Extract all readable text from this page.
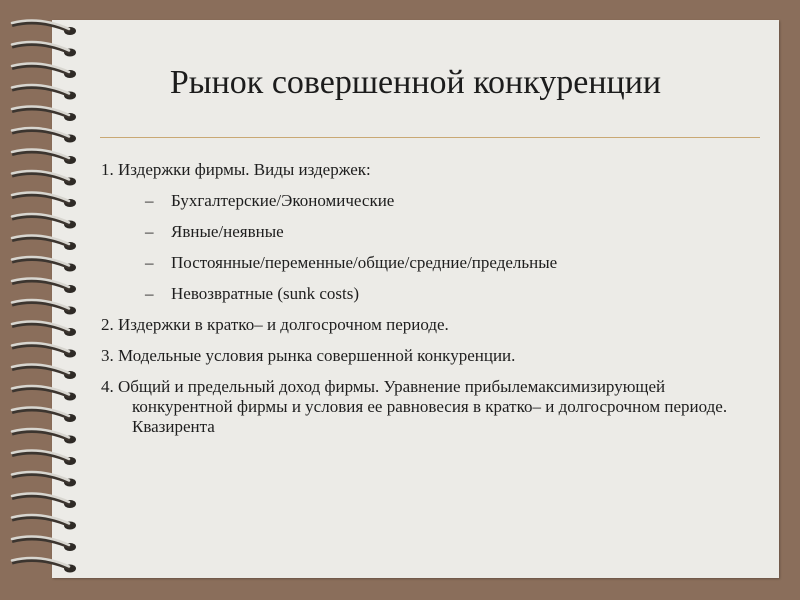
Рынок совершенной конкуренции
1. Издержки фирмы. Виды издержек:
– Бухгалтерские/Экономические
– Явные/неявные
– Постоянные/переменные/общие/средние/предельные
– Невозвратные (sunk costs)
2. Издержки в кратко– и долгосрочном периоде.
3. Модельные условия рынка совершенной конкуренции.
4. Общий и предельный доход фирмы. Уравнение прибылемаксимизирующей конкурентной фирмы и условия ее равновесия в кратко– и долгосрочном периоде. Квазирента
